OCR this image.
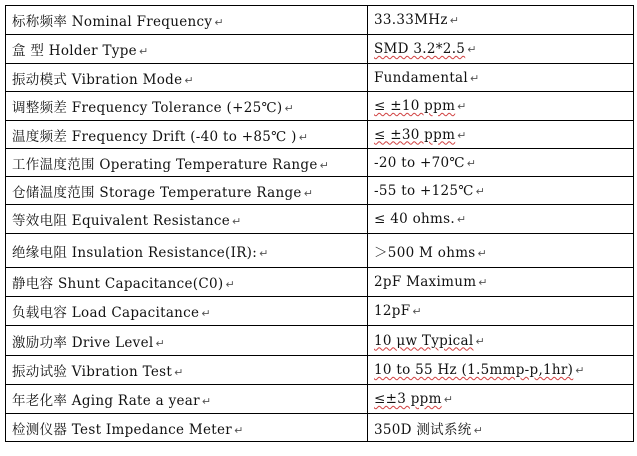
标称频率 Nominal Frequency ↵	33.33MHz ↵
盒 型 Holder Type ↵	SMD 3.2*2.5 ↵
振动模式 Vibration Mode ↵	Fundamental ↵
调整频差 Frequency Tolerance (+25℃) ↵	≤ ±10 ppm ↵
温度频差 Frequency Drift (-40 to +85℃ ) ↵	≤ ±30 ppm ↵
工作温度范围 Operating Temperature Range ↵	-20 to +70℃ ↵
仓储温度范围 Storage Temperature Range ↵	-55 to +125℃ ↵
等效电阻 Equivalent Resistance ↵	≤ 40 ohms. ↵
绝缘电阻 Insulation Resistance(IR): ↵	＞500 M ohms ↵
静电容 Shunt Capacitance(C0) ↵	2pF Maximum ↵
负载电容 Load Capacitance ↵	12pF ↵
激励功率 Drive Level ↵	10 μw Typical ↵
振动试验 Vibration Test ↵	10 to 55 Hz (1.5mmp-p,1hr) ↵
年老化率 Aging Rate a year ↵	≤±3 ppm ↵
检测仪器 Test Impedance Meter ↵	350D 测试系统 ↵
